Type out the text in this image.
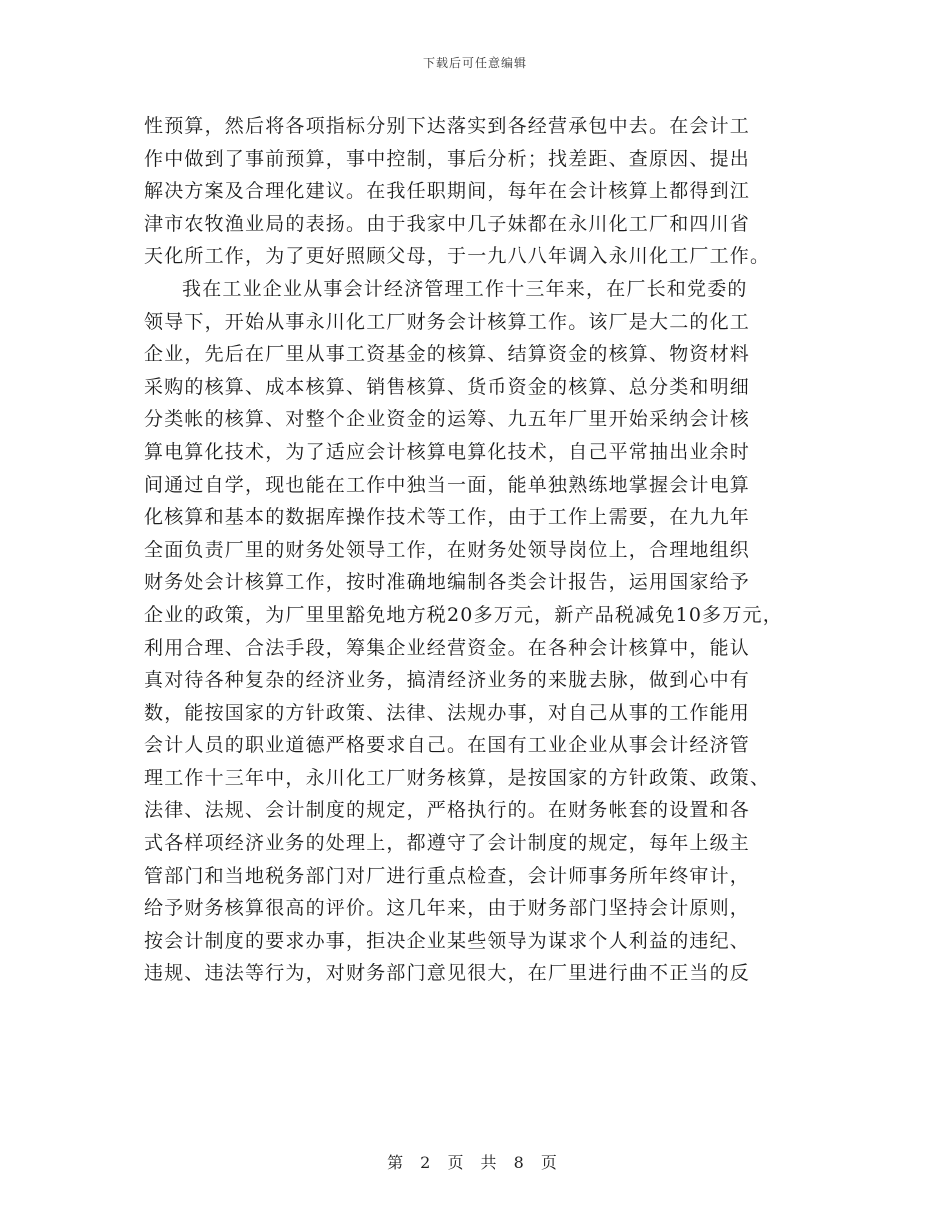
下载后可任意编辑
性预算，然后将各项指标分别下达落实到各经营承包中去。在会计工
作中做到了事前预算，事中控制，事后分析；找差距、查原因、提出
解决方案及合理化建议。在我任职期间，每年在会计核算上都得到江
津市农牧渔业局的表扬。由于我家中几子妹都在永川化工厂和四川省
天化所工作，为了更好照顾父母，于一九八八年调入永川化工厂工作。
我在工业企业从事会计经济管理工作十三年来，在厂长和党委的
领导下，开始从事永川化工厂财务会计核算工作。该厂是大二的化工
企业，先后在厂里从事工资基金的核算、结算资金的核算、物资材料
采购的核算、成本核算、销售核算、货币资金的核算、总分类和明细
分类帐的核算、对整个企业资金的运筹、九五年厂里开始采纳会计核
算电算化技术，为了适应会计核算电算化技术，自己平常抽出业余时
间通过自学，现也能在工作中独当一面，能单独熟练地掌握会计电算
化核算和基本的数据库操作技术等工作，由于工作上需要，在九九年
全面负责厂里的财务处领导工作，在财务处领导岗位上，合理地组织
财务处会计核算工作，按时准确地编制各类会计报告，运用国家给予
企业的政策，为厂里里豁免地方税20多万元，新产品税减免10多万元，
利用合理、合法手段，筹集企业经营资金。在各种会计核算中，能认
真对待各种复杂的经济业务，搞清经济业务的来胧去脉，做到心中有
数，能按国家的方针政策、法律、法规办事，对自己从事的工作能用
会计人员的职业道德严格要求自己。在国有工业企业从事会计经济管
理工作十三年中，永川化工厂财务核算，是按国家的方针政策、政策、
法律、法规、会计制度的规定，严格执行的。在财务帐套的设置和各
式各样项经济业务的处理上，都遵守了会计制度的规定，每年上级主
管部门和当地税务部门对厂进行重点检查，会计师事务所年终审计，
给予财务核算很高的评价。这几年来，由于财务部门坚持会计原则，
按会计制度的要求办事，拒决企业某些领导为谋求个人利益的违纪、
违规、违法等行为，对财务部门意见很大，在厂里进行曲不正当的反
第 2 页 共 8 页
